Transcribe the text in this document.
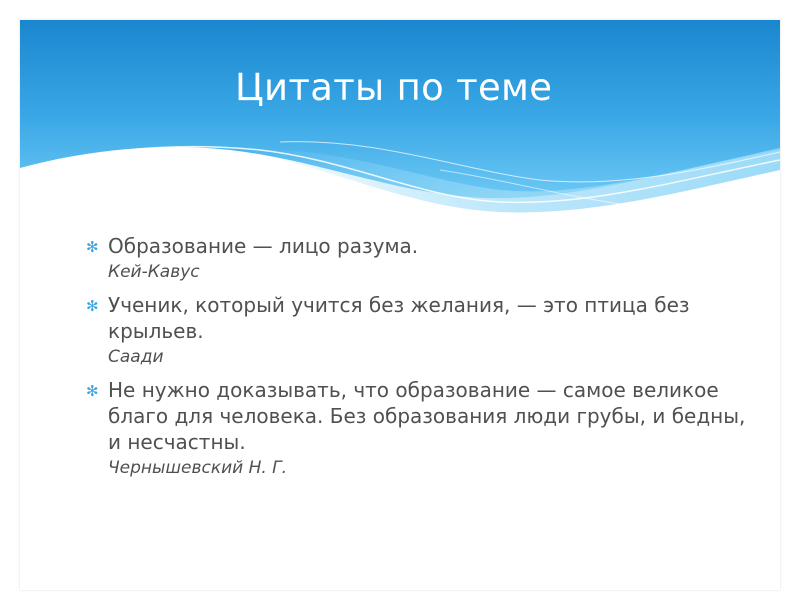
Цитаты по теме
✻ Образование — лицо разума.
Кей-Кавус
✻ Ученик, который учится без желания, — это птица без крыльев.
Саади
✻ Не нужно доказывать, что образование — самое великое благо для человека. Без образования люди грубы, и бедны, и несчастны.
Чернышевский Н. Г.
